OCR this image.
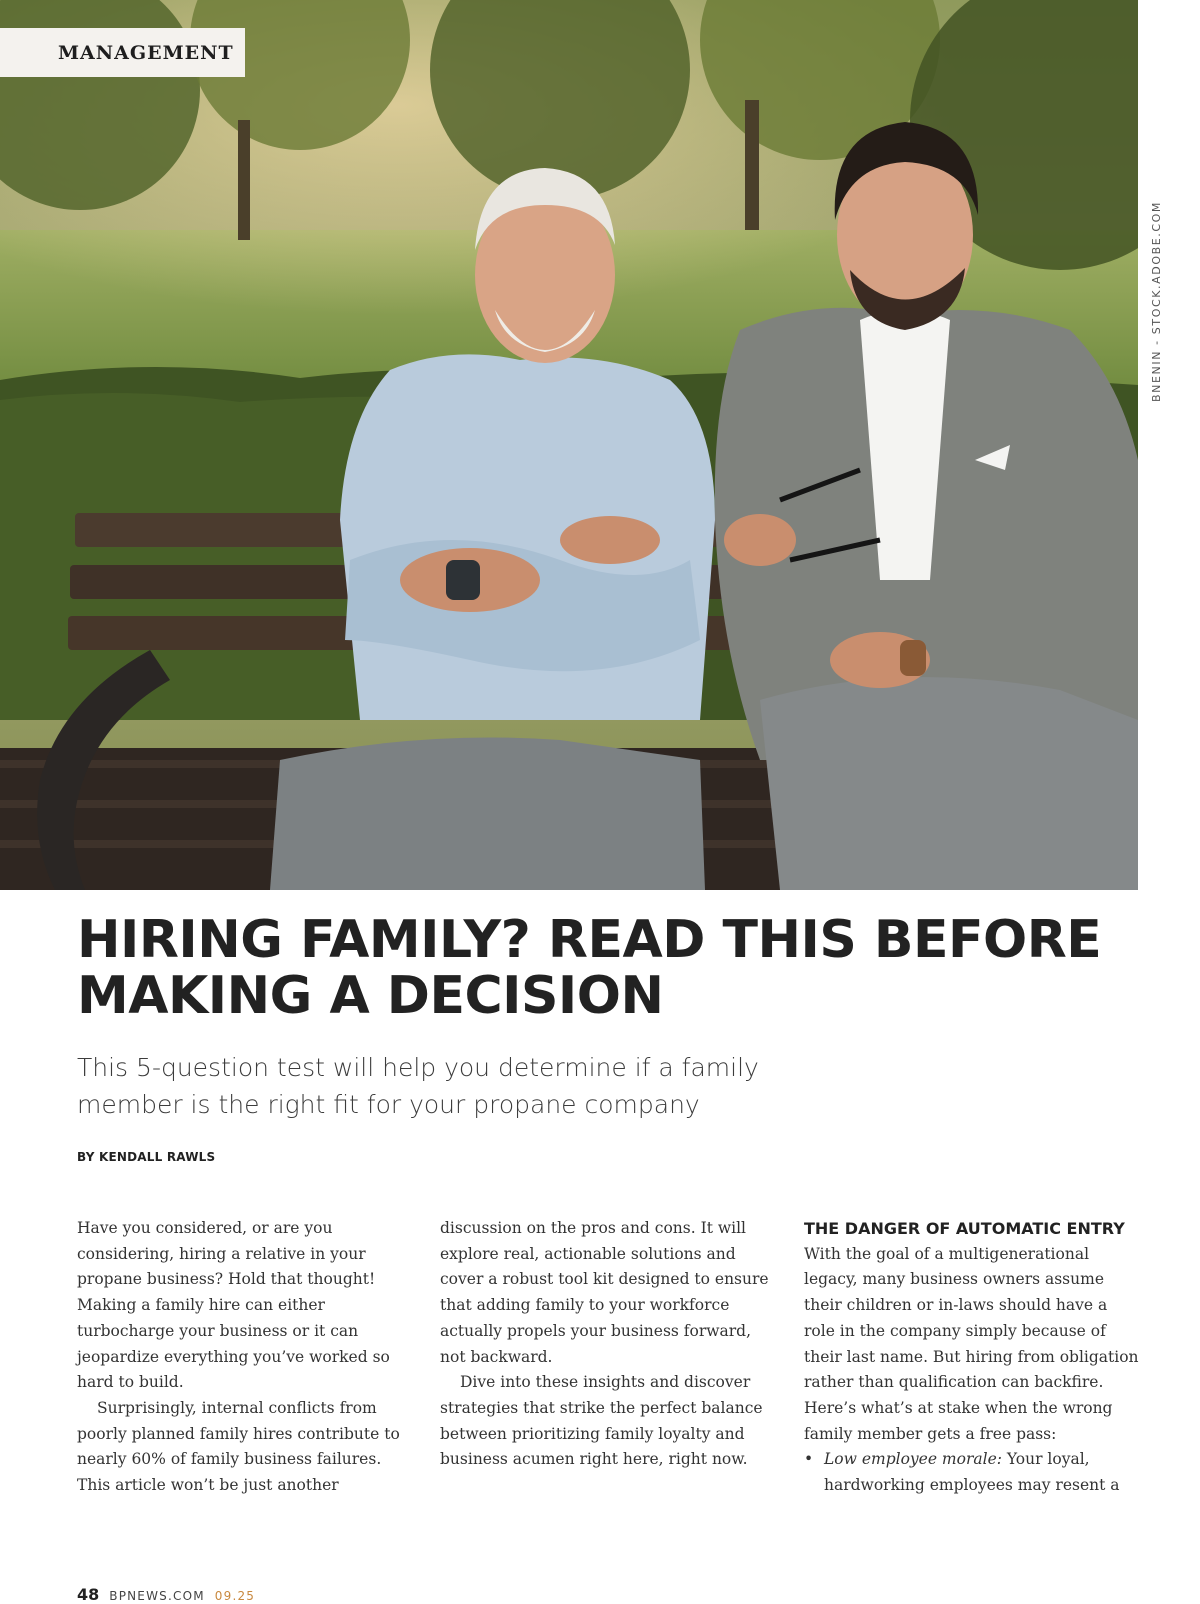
MANAGEMENT
BNENIN - STOCK.ADOBE.COM
HIRING FAMILY? READ THIS BEFORE MAKING A DECISION

This 5-question test will help you determine if a family member is the right fit for your propane company

BY KENDALL RAWLS

Have you considered, or are you considering, hiring a relative in your propane business? Hold that thought! Making a family hire can either turbocharge your business or it can jeopardize everything you’ve worked so hard to build.

Surprisingly, internal conflicts from poorly planned family hires contribute to nearly 60% of family business failures. This article won’t be just another

discussion on the pros and cons. It will explore real, actionable solutions and cover a robust tool kit designed to ensure that adding family to your workforce actually propels your business forward, not backward.

Dive into these insights and discover strategies that strike the perfect balance between prioritizing family loyalty and business acumen right here, right now.

THE DANGER OF AUTOMATIC ENTRY

With the goal of a multigenerational legacy, many business owners assume their children or in-laws should have a role in the company simply because of their last name. But hiring from obligation rather than qualification can backfire. Here’s what’s at stake when the wrong family member gets a free pass:

• Low employee morale: Your loyal, hardworking employees may resent a
48 BPNEWS.COM 09.25
